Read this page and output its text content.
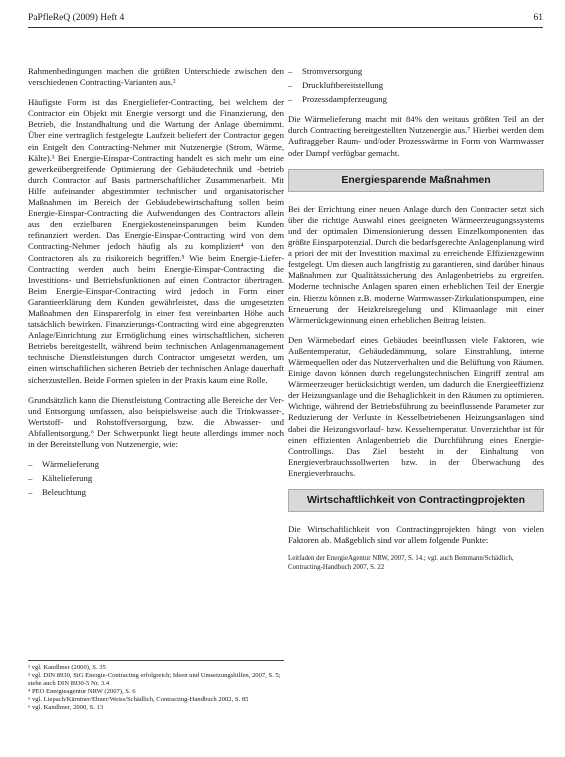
PaPfleReQ (2009) Heft 4	61

Rahmenbedingungen machen die größten Unterschiede zwischen den verschiedenen Contracting-Varianten aus.²

Häufigste Form ist das Energieliefer-Contracting, bei welchem der Contractor ein Objekt mit Energie versorgt und die Finanzierung, den Betrieb, die Instandhaltung und die Wartung der Anlage übernimmt. Über eine vertraglich festgelegte Laufzeit beliefert der Contractor gegen ein Entgelt den Contracting-Nehmer mit Nutzenergie (Strom, Wärme, Kälte).³ Bei Energie-Einspar-Contracting handelt es sich mehr um eine gewerkeübergreifende Optimierung der Gebäudetechnik und -betrieb durch Contractor auf Basis partnerschaftlicher Zusammenarbeit. Mit Hilfe aufeinander abgestimmter technischer und organisatorischer Maßnahmen im Bereich der Gebäudebewirtschaftung sollen beim Energie-Einspar-Contracting die Aufwendungen des Contractors allein aus den erzielbaren Energiekosteneinsparungen beim Kunden refinanziert werden. Das Energie-Einspar-Contracting wird von dem Contracting-Nehmer jedoch häufig als zu kompliziert⁴ von den Contractoren als zu risikoreich begriffen.⁵ Wie beim Energie-Liefer-Contracting werden auch beim Energie-Einspar-Contracting die Investitions- und Betriebsfunktionen auf einen Contractor übertragen. Beim Energie-Einspar-Contracting wird jedoch in Form einer Garantieerklärung dem Kunden gewährleistet, dass die umgesetzten Maßnahmen den Einsparerfolg in einer fest vereinbarten Höhe auch tatsächlich bewirken. Finanzierungs-Contracting wird eine abgegrenzten Anlage/Einrichtung zur Ermöglichung eines wirtschaftlichen, sicheren Betriebs bereitgestellt, während beim technischen Anlagenmanagement technische Dienstleistungen durch Contractor umgesetzt werden, um einen wirtschaftlichen sicheren Betrieb der technischen Anlage dauerhaft sicherzustellen. Beide Formen spielen in der Praxis kaum eine Rolle.

Grundsätzlich kann die Dienstleistung Contracting alle Bereiche der Ver- und Entsorgung umfassen, also beispielsweise auch die Trinkwasser-, Wertstoff- und Rohstoffversorgung, bzw. die Abwasser- und Abfallentsorgung.⁶ Der Schwerpunkt liegt heute allerdings immer noch in der Bereitstellung von Nutzenergie, wie:

– Wärmelieferung
– Kältelieferung
– Beleuchtung
² vgl. Kandlmer (2000), S. 35
³ vgl. DIN 8930, SiG Energie-Contracting erfolgreich; Ideen und Umsetzungshilfen, 2007, S. 5; siehe auch DIN 8930-5 Nr. 3.4
⁴ PEO Energieagentur NRW (2007), S. 6
⁵ vgl. Liepach/Kärntner/Ebner/Weiss/Schädlich, Contracting-Handbuch 2002, S. 85
⁶ vgl. Kandlmer, 2000, S. 13
– Stromversorgung
– Druckluftbereitstellung
– Prozessdampferzeugung

Die Wärmelieferung macht mit 84% den weitaus größten Teil an der durch Contracting bereitgestellten Nutzenergie aus.⁷ Hierbei werden dem Auftraggeber Raum- und/oder Prozesswärme in Form von Warmwasser oder Dampf verfügbar gemacht.

Energiesparende Maßnahmen

Bei der Errichtung einer neuen Anlage durch den Contracter setzt sich über die richtige Auswahl eines geeigneten Wärmeerzeugungssystems und der optimalen Dimensionierung dessen Einzelkomponenten das größte Einsparpotenzial. Durch die bedarfsgerechte Anlagenplanung wird a priori der mit der Investition maximal zu erreichende Effizienzgewinn festgelegt. Um diesen auch langfristig zu garantieren, sind darüber hinaus Maßnahmen zur Qualitätssicherung des Anlagenbetriebs zu ergreifen. Moderne technische Anlagen sparen einen erheblichen Teil der Energie ein. Hierzu können z.B. moderne Warmwasser-Zirkulationspumpen, eine Erneuerung der Heizkreisregelung und Klimaanlage mit einer Wärmerückgewinnung einen erheblichen Beitrag leisten.

Den Wärmebedarf eines Gebäudes beeinflussen viele Faktoren, wie Außentemperatur, Gebäudedämmung, solare Einstrahlung, interne Wärmequellen oder das Nutzerverhalten und die Belüftung von Räumen. Einige davon können durch regelungstechnischen Eingriff zentral am Wärmeerzeuger berücksichtigt werden, um dadurch die Energieeffizienz der Heizungsanlage und die Behaglichkeit in den Räumen zu optimieren. Wichtige, während der Betriebsführung zu beeinflussende Parameter zur Reduzierung der Verluste in Kesselbetriebenen Heizungsanlagen sind dabei die Heizungsvorlauf- bzw. Kesseltemperatur. Unverzichtbar ist für einen effizienten Anlagenbetrieb die Durchführung eines Energie-Controllings. Das Ziel besteht in der Einhaltung von Energieverbrauchssollwerten bzw. in der Überwachung des Energieverbrauchs.

Wirtschaftlichkeit von Contractingprojekten

Die Wirtschaftlichkeit von Contractingprojekten hängt von vielen Faktoren ab. Maßgeblich sind vor allem folgende Punkte:

Leitfaden der EnergieAgentur NRW, 2007, S. 14.; vgl. auch Bemmann/Schädlich, Contracting-Handbuch 2007, S. 22
